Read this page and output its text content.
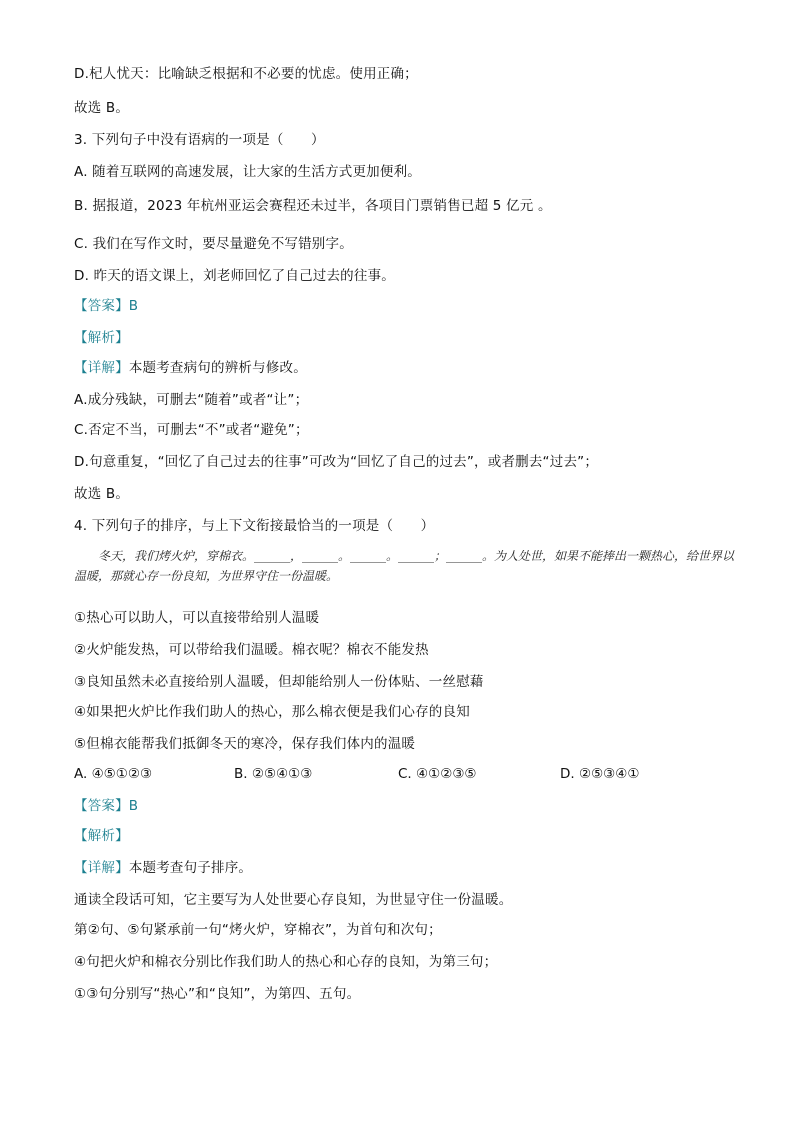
D.杞人忧天：比喻缺乏根据和不必要的忧虑。使用正确；
故选 B。
3. 下列句子中没有语病的一项是（　　）
A. 随着互联网的高速发展，让大家的生活方式更加便利。
B. 据报道，2023 年杭州亚运会赛程还未过半，各项目门票销售已超 5 亿元 。
C. 我们在写作文时，要尽量避免不写错别字。
D. 昨天的语文课上，刘老师回忆了自己过去的往事。
【答案】B
【解析】
【详解】本题考查病句的辨析与修改。
A.成分残缺，可删去“随着”或者“让”；
C.否定不当，可删去“不”或者“避免”；
D.句意重复，“回忆了自己过去的往事”可改为“回忆了自己的过去”，或者删去“过去”；
故选 B。
4. 下列句子的排序，与上下文衔接最恰当的一项是（　　）
冬天，我们烤火炉，穿棉衣。______，______。______。______；______。为人处世，如果不能捧出一颗热心，给世界以温暖，那就心存一份良知，为世界守住一份温暖。
①热心可以助人，可以直接带给别人温暖
②火炉能发热，可以带给我们温暖。棉衣呢？棉衣不能发热
③良知虽然未必直接给别人温暖，但却能给别人一份体贴、一丝慰藉
④如果把火炉比作我们助人的热心，那么棉衣便是我们心存的良知
⑤但棉衣能帮我们抵御冬天的寒冷，保存我们体内的温暖
A. ④⑤①②③	B. ②⑤④①③	C. ④①②③⑤	D. ②⑤③④①
【答案】B
【解析】
【详解】本题考查句子排序。
通读全段话可知，它主要写为人处世要心存良知，为世显守住一份温暖。
第②句、⑤句紧承前一句“烤火炉，穿棉衣”，为首句和次句；
④句把火炉和棉衣分别比作我们助人的热心和心存的良知，为第三句；
①③句分别写“热心”和“良知”，为第四、五句。
